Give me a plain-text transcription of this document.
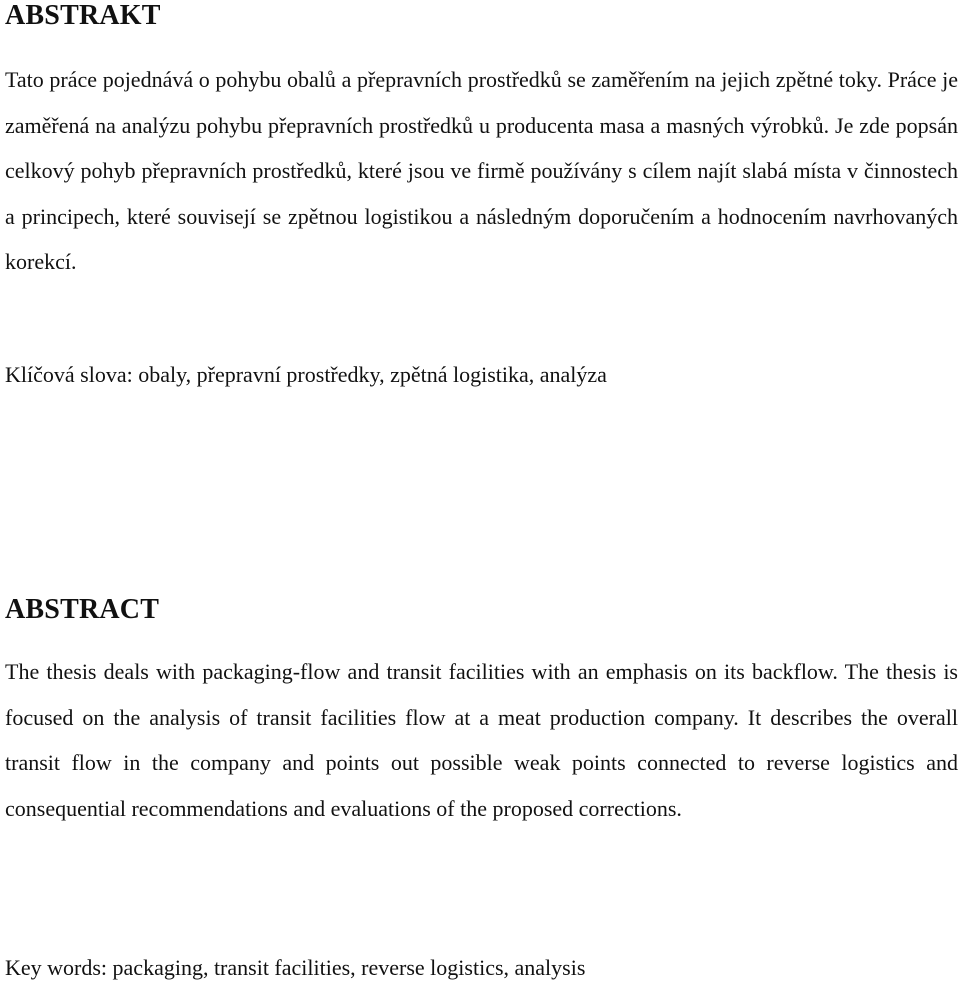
ABSTRAKT

Tato práce pojednává o pohybu obalů a přepravních prostředků se zaměřením na jejich zpětné toky. Práce je zaměřená na analýzu pohybu přepravních prostředků u producenta masa a masných výrobků. Je zde popsán celkový pohyb přepravních prostředků, které jsou ve firmě používány s cílem najít slabá místa v činnostech a principech, které souvisejí se zpětnou logistikou a následným doporučením a hodnocením navrhovaných korekcí.

Klíčová slova: obaly, přepravní prostředky, zpětná logistika, analýza

ABSTRACT

The thesis deals with packaging-flow and transit facilities with an emphasis on its backflow. The thesis is focused on the analysis of transit facilities flow at a meat production company. It describes the overall transit flow in the company and points out possible weak points connected to reverse logistics and consequential recommendations and evaluations of the proposed corrections.

Key words: packaging, transit facilities, reverse logistics, analysis
